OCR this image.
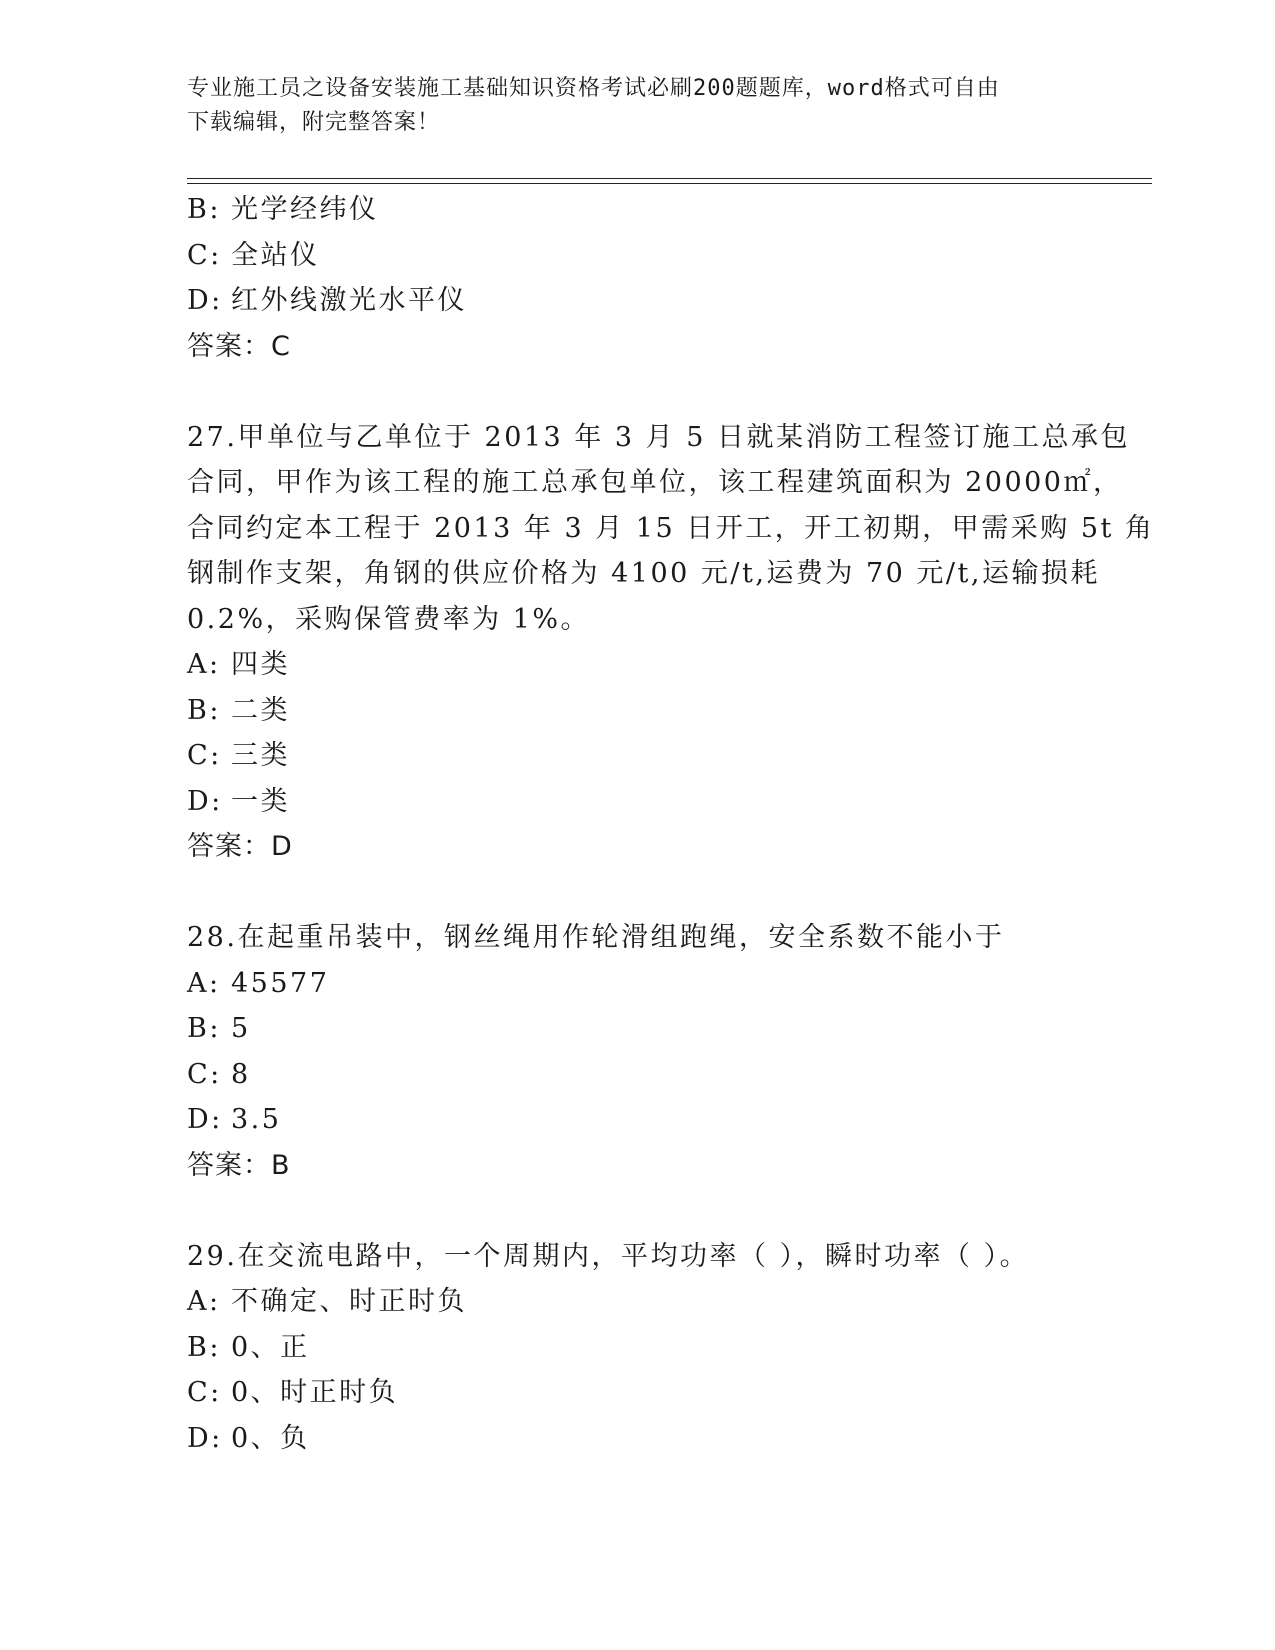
专业施工员之设备安装施工基础知识资格考试必刷200题题库，word格式可自由
下载编辑，附完整答案！
B: 光学经纬仪
C: 全站仪
D: 红外线激光水平仪
答案：C
27.甲单位与乙单位于 2013 年 3 月 5 日就某消防工程签订施工总承包
合同，甲作为该工程的施工总承包单位，该工程建筑面积为 20000㎡，
合同约定本工程于 2013 年 3 月 15 日开工，开工初期，甲需采购 5t 角
钢制作支架，角钢的供应价格为 4100 元/t,运费为 70 元/t,运输损耗
0.2%，采购保管费率为 1%。
A: 四类
B: 二类
C: 三类
D: 一类
答案：D
28.在起重吊装中，钢丝绳用作轮滑组跑绳，安全系数不能小于
A: 45577
B: 5
C: 8
D: 3.5
答案：B
29.在交流电路中，一个周期内，平均功率（ ），瞬时功率（ ）。
A: 不确定、时正时负
B: 0、正
C: 0、时正时负
D: 0、负
